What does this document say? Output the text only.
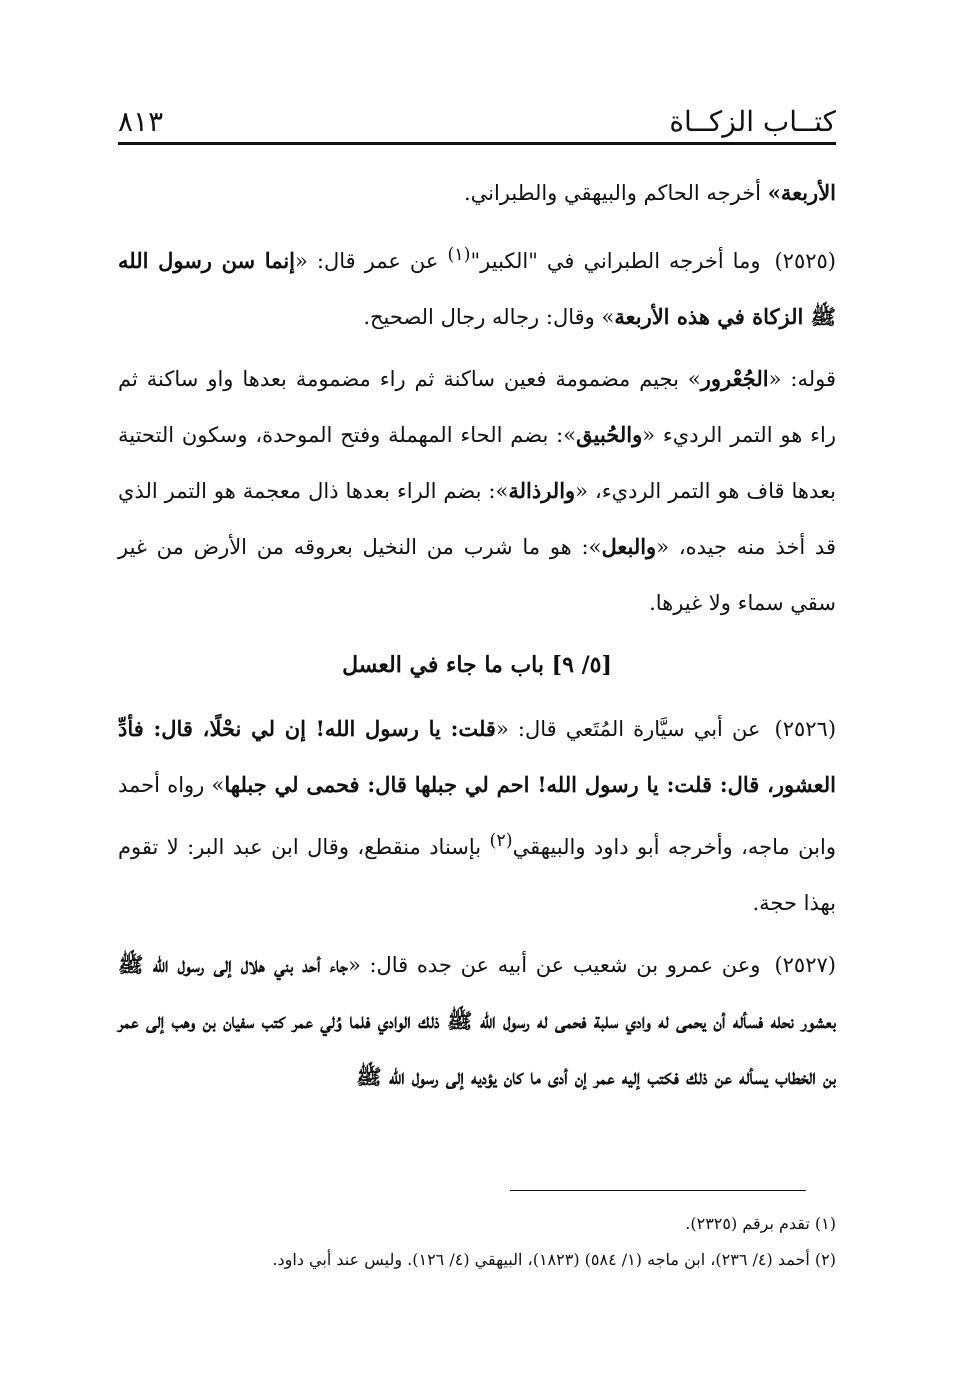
كتــاب الزكــاة
٨١٣

الأربعة» أخرجه الحاكم والبيهقي والطبراني.

(٢٥٢٥)وما أخرجه الطبراني في "الكبير"$^{(١)}$ عن عمر قال: «إنما سن رسول الله ﷺ الزكاة في هذه الأربعة» وقال: رجاله رجال الصحيح.

قوله: «الجُعْرور» بجيم مضمومة فعين ساكنة ثم راء مضمومة بعدها واو ساكنة ثم راء هو التمر الرديء «والحُبيق»: بضم الحاء المهملة وفتح الموحدة، وسكون التحتية بعدها قاف هو التمر الرديء، «والرذالة»: بضم الراء بعدها ذال معجمة هو التمر الذي قد أخذ منه جيده، «والبعل»: هو ما شرب من النخيل بعروقه من الأرض من غير سقي سماء ولا غيرها.

[٥/ ٩] باب ما جاء في العسل

(٢٥٢٦)عن أبي سيَّارة المُتَعي قال: «قلت: يا رسول الله! إن لي نحْلًا، قال: فأدِّ العشور، قال: قلت: يا رسول الله! احم لي جبلها قال: فحمى لي جبلها» رواه أحمد وابن ماجه، وأخرجه أبو داود والبيهقي$^{(٢)}$ بإسناد منقطع، وقال ابن عبد البر: لا تقوم بهذا حجة.

(٢٥٢٧)وعن عمرو بن شعيب عن أبيه عن جده قال: «جاء أحد بني هلال إلى رسول الله ﷺ بعشور نحله فسأله أن يحمى له وادي سلبة فحمى له رسول الله ﷺ ذلك الوادي فلما وُلي عمر كتب سفيان بن وهب إلى عمر بن الخطاب يسأله عن ذلك فكتب إليه عمر إن أدى ما كان يؤديه إلى رسول الله ﷺ

(١) تقدم برقم (٢٣٢٥).

(٢) أحمد (٤/ ٢٣٦)، ابن ماجه (١/ ٥٨٤) (١٨٢٣)، البيهقي (٤/ ١٢٦). وليس عند أبي داود.
